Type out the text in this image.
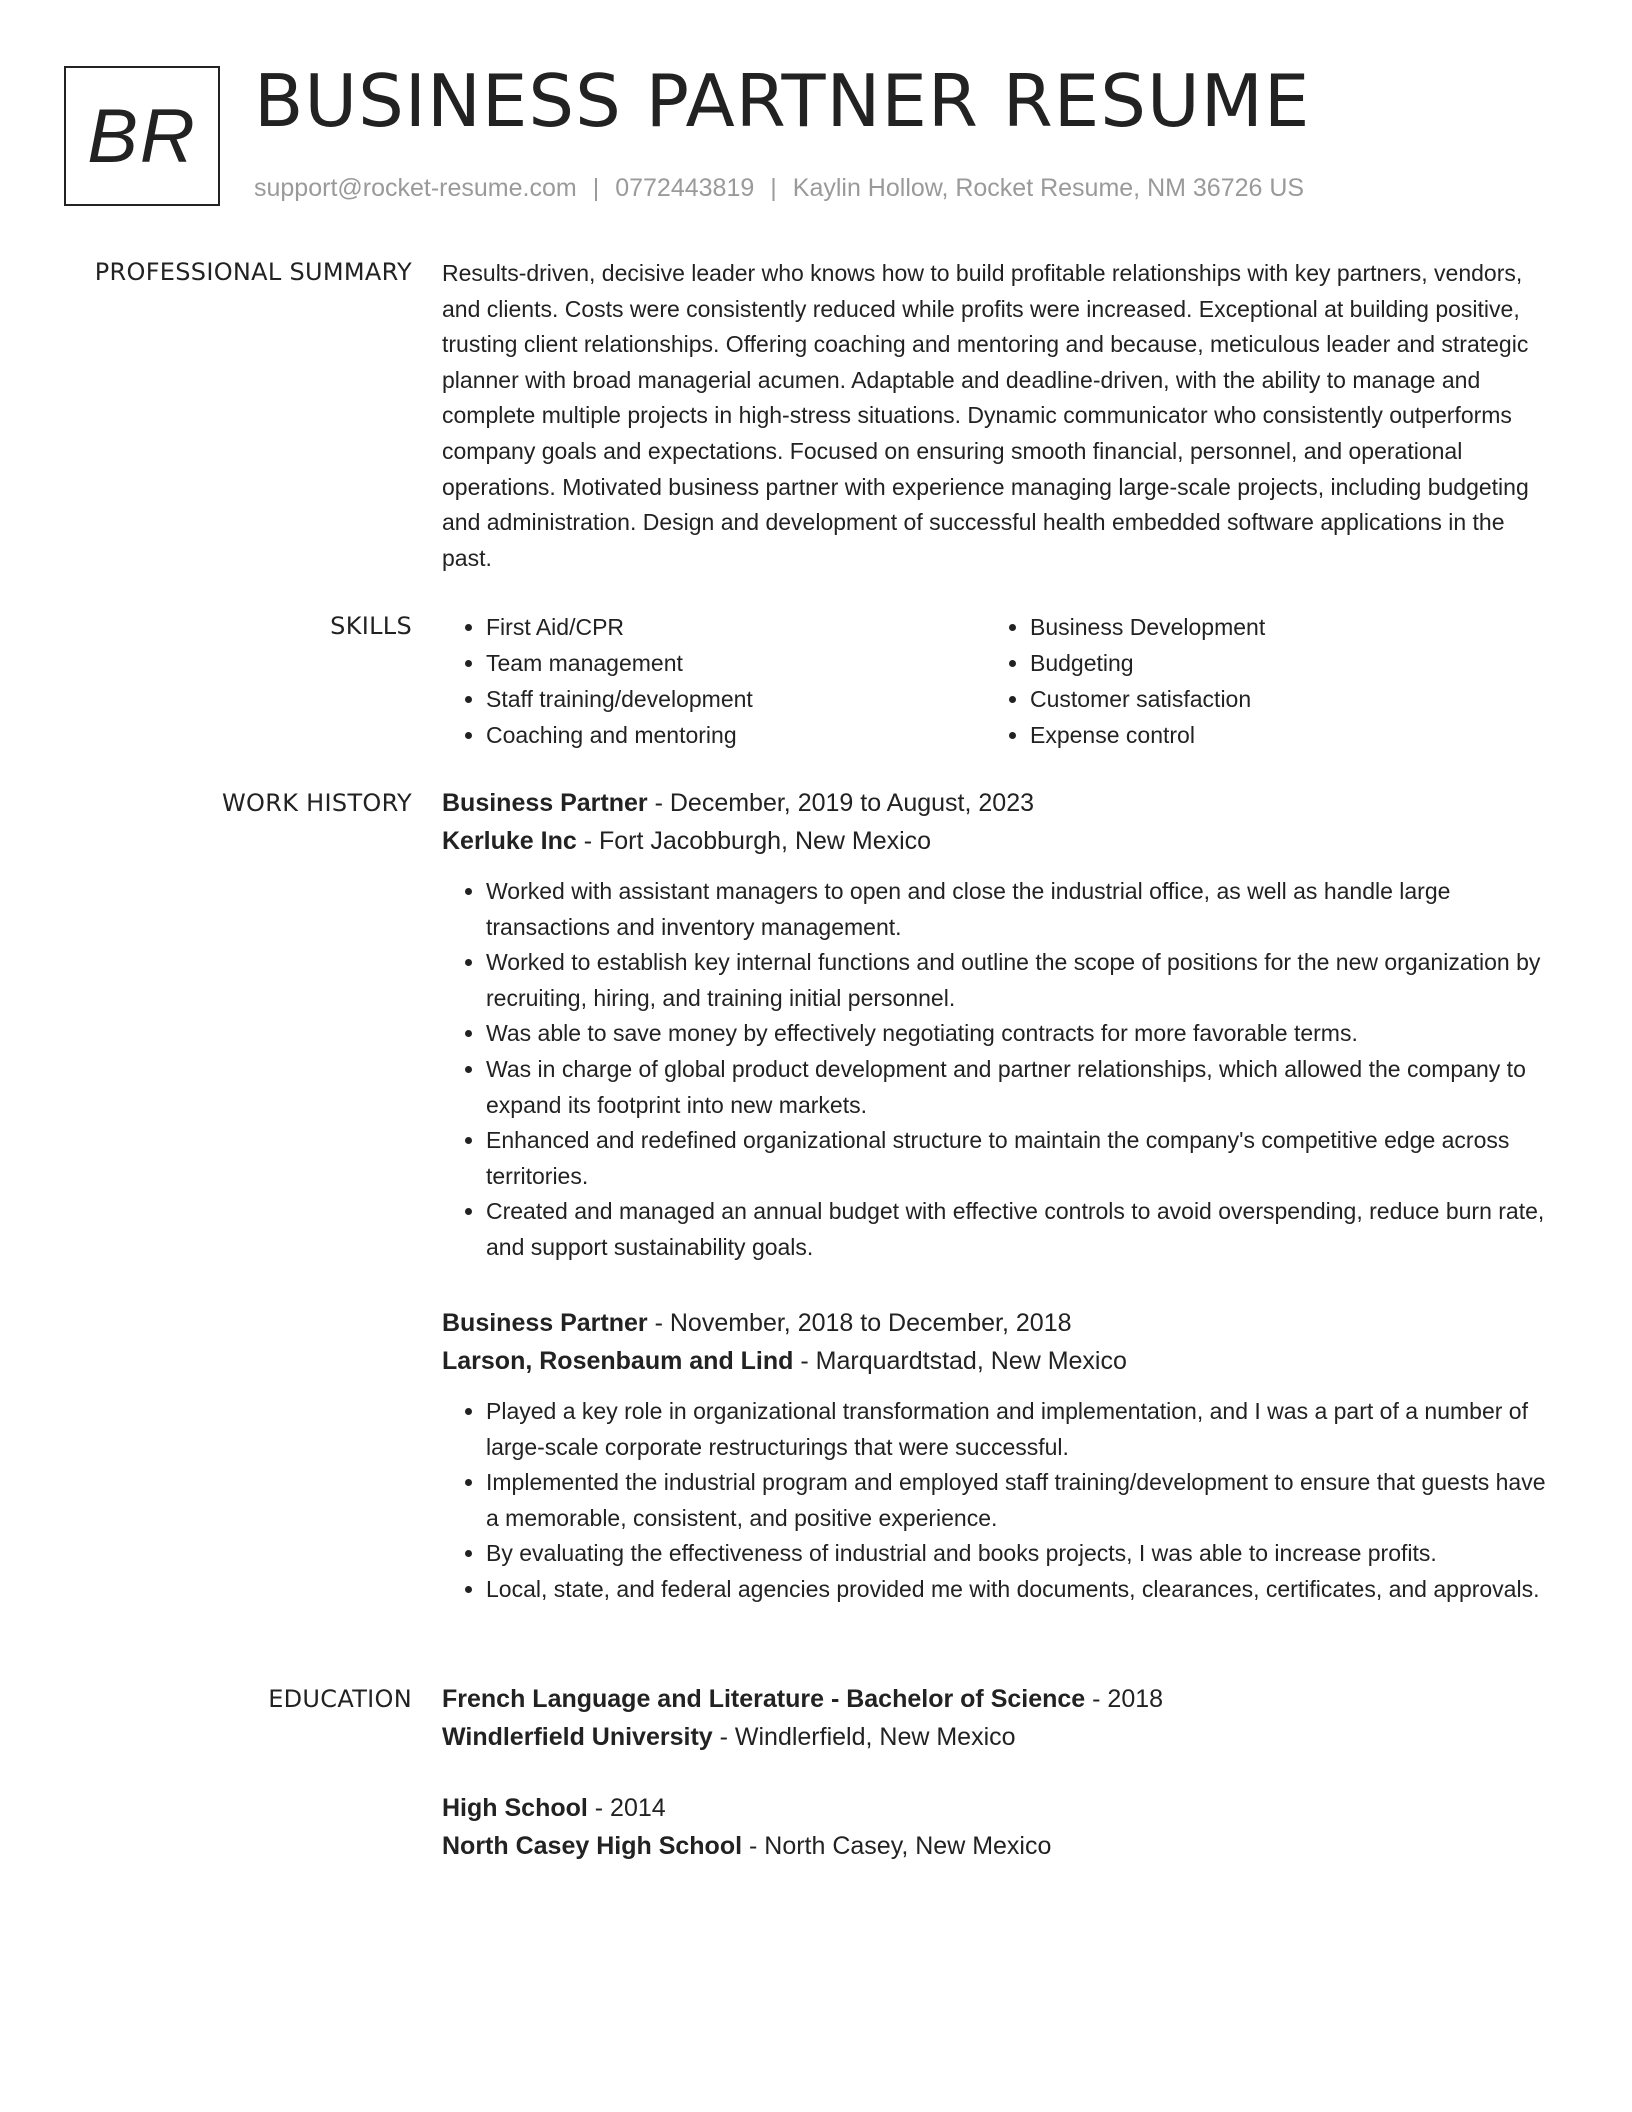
BR BUSINESS PARTNER RESUME
support@rocket-resume.com | 0772443819 | Kaylin Hollow, Rocket Resume, NM 36726 US
PROFESSIONAL SUMMARY Results-driven, decisive leader who knows how to build profitable relationships with key partners, vendors, and clients. Costs were consistently reduced while profits were increased. Exceptional at building positive, trusting client relationships. Offering coaching and mentoring and because, meticulous leader and strategic planner with broad managerial acumen. Adaptable and deadline-driven, with the ability to manage and complete multiple projects in high-stress situations. Dynamic communicator who consistently outperforms company goals and expectations. Focused on ensuring smooth financial, personnel, and operational operations. Motivated business partner with experience managing large-scale projects, including budgeting and administration. Design and development of successful health embedded software applications in the past.
SKILLS
•	First Aid/CPR
• Team management
• Staff training/development
• Coaching and mentoring
• Business Development
• Budgeting
• Customer satisfaction
• Expense control
WORK HISTORY Business Partner - December, 2019 to August, 2023
Kerluke Inc - Fort Jacobburgh, New Mexico
• Worked with assistant managers to open and close the industrial office, as well as handle large transactions and inventory management.
• Worked to establish key internal functions and outline the scope of positions for the new organization by recruiting, hiring, and training initial personnel.
• Was able to save money by effectively negotiating contracts for more favorable terms.
• Was in charge of global product development and partner relationships, which allowed the company to expand its footprint into new markets.
• Enhanced and redefined organizational structure to maintain the company's competitive edge across territories.
• Created and managed an annual budget with effective controls to avoid overspending, reduce burn rate, and support sustainability goals.
Business Partner - November, 2018 to December, 2018
Larson, Rosenbaum and Lind - Marquardtstad, New Mexico
• Played a key role in organizational transformation and implementation, and I was a part of a number of large-scale corporate restructurings that were successful.
• Implemented the industrial program and employed staff training/development to ensure that guests have a memorable, consistent, and positive experience.
• By evaluating the effectiveness of industrial and books projects, I was able to increase profits.
• Local, state, and federal agencies provided me with documents, clearances, certificates, and approvals.
EDUCATION French Language and Literature - Bachelor of Science - 2018
Windlerfield University - Windlerfield, New Mexico
High School - 2014
North Casey High School - North Casey, New Mexico
